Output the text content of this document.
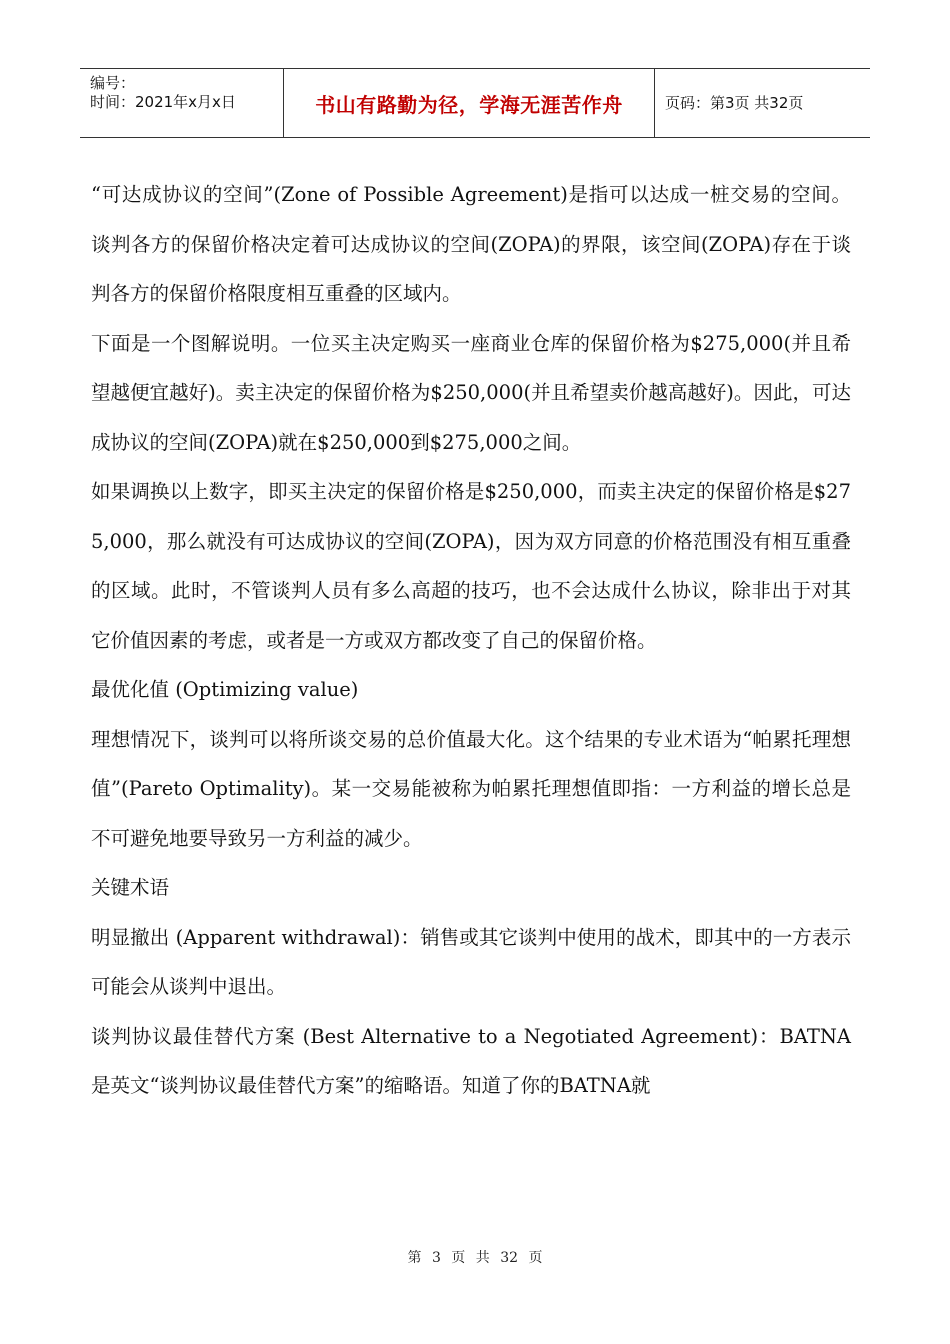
编号：
时间：2021年x月x日	书山有路勤为径，学海无涯苦作舟	页码：第3页 共32页

“可达成协议的空间”(Zone of Possible Agreement)是指可以达成一桩交易的空间。谈判各方的保留价格决定着可达成协议的空间(ZOPA)的界限，该空间(ZOPA)存在于谈判各方的保留价格限度相互重叠的区域内。

下面是一个图解说明。一位买主决定购买一座商业仓库的保留价格为$275,000(并且希望越便宜越好)。卖主决定的保留价格为$250,000(并且希望卖价越高越好)。因此，可达成协议的空间(ZOPA)就在$250,000到$275,000之间。

如果调换以上数字，即买主决定的保留价格是$250,000，而卖主决定的保留价格是$275,000，那么就没有可达成协议的空间(ZOPA)，因为双方同意的价格范围没有相互重叠的区域。此时，不管谈判人员有多么高超的技巧，也不会达成什么协议，除非出于对其它价值因素的考虑，或者是一方或双方都改变了自己的保留价格。

最优化值 (Optimizing value)

理想情况下，谈判可以将所谈交易的总价值最大化。这个结果的专业术语为“帕累托理想值”(Pareto Optimality)。某一交易能被称为帕累托理想值即指：一方利益的增长总是不可避免地要导致另一方利益的减少。

关键术语

明显撤出 (Apparent withdrawal)：销售或其它谈判中使用的战术，即其中的一方表示可能会从谈判中退出。

谈判协议最佳替代方案 (Best Alternative to a Negotiated Agreement)：BATNA是英文“谈判协议最佳替代方案”的缩略语。知道了你的BATNA就

第 3 页 共 32 页
